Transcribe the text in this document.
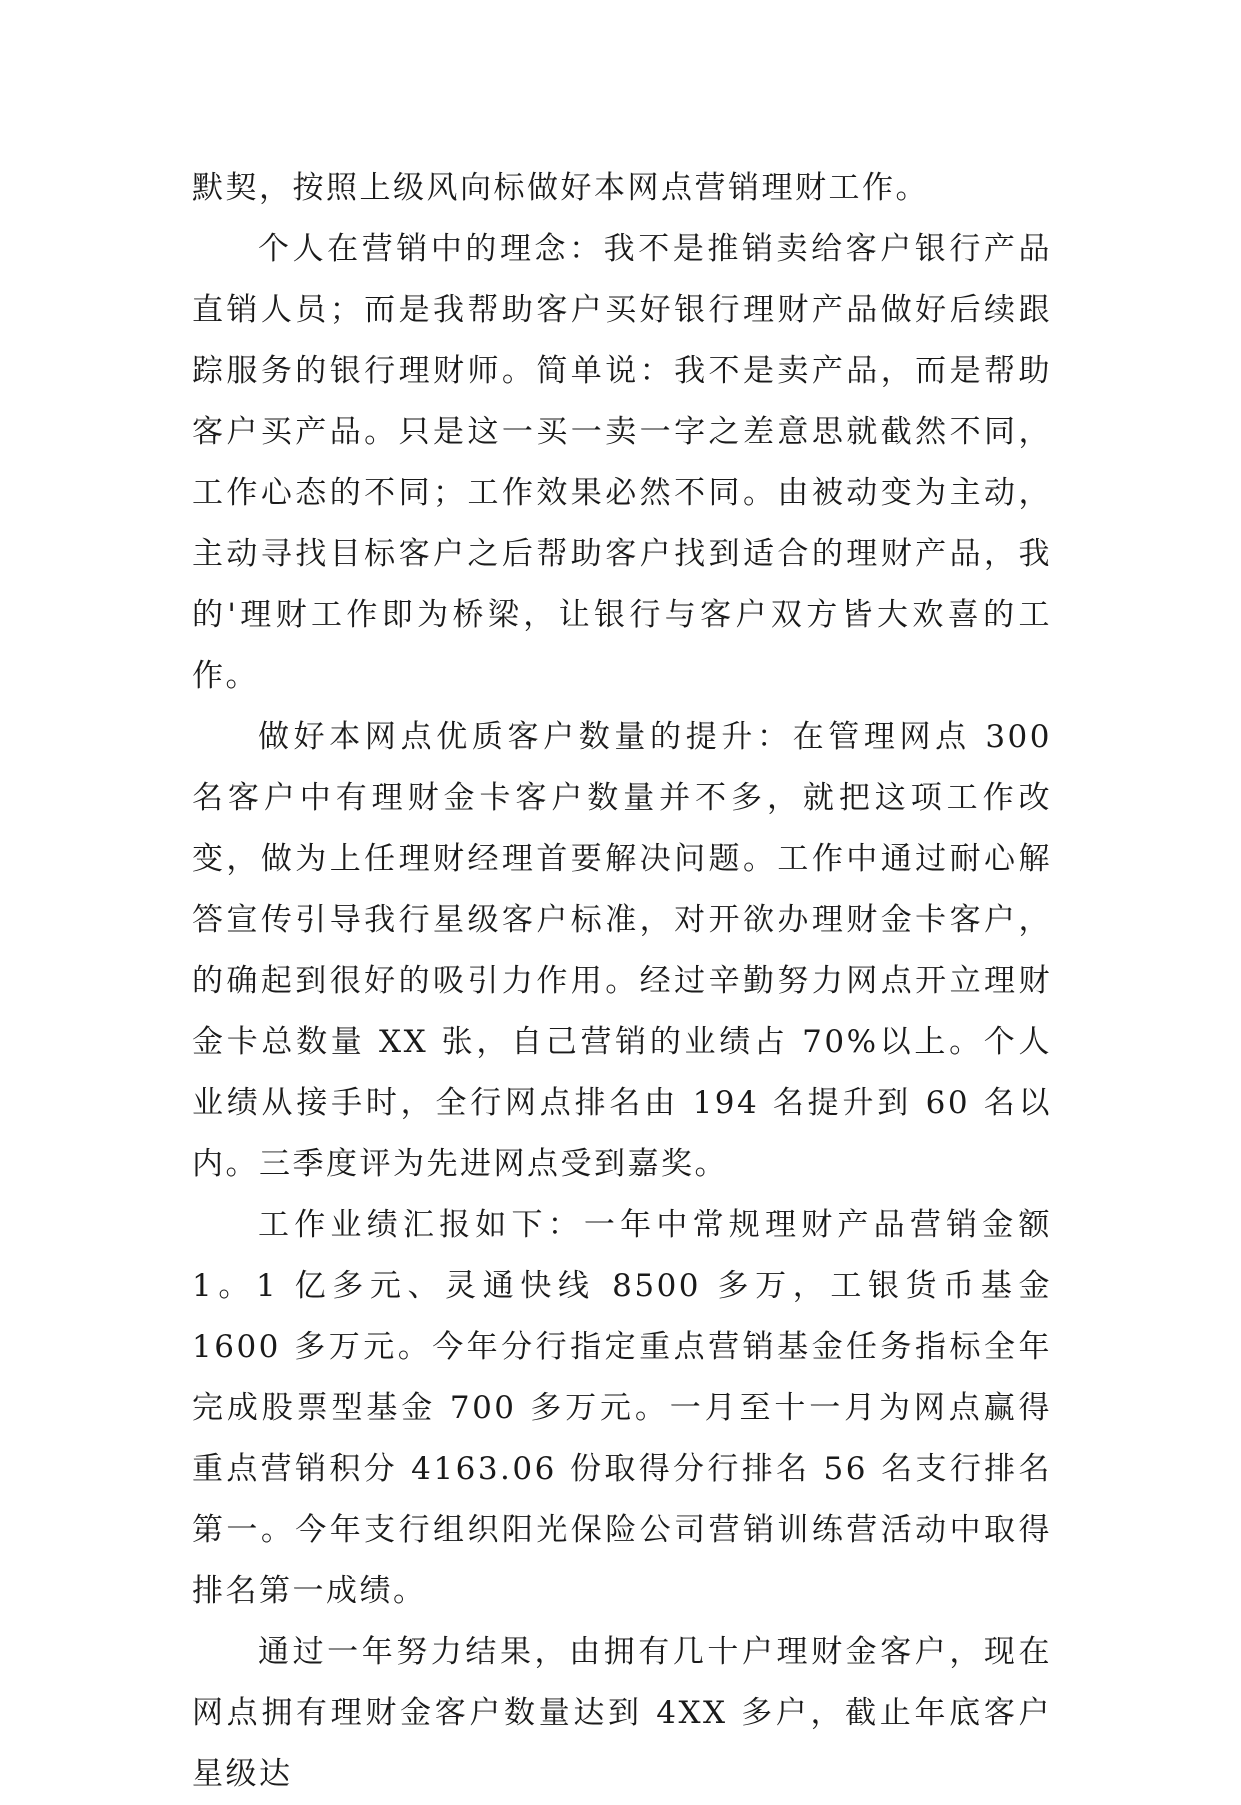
默契，按照上级风向标做好本网点营销理财工作。

个人在营销中的理念：我不是推销卖给客户银行产品直销人员；而是我帮助客户买好银行理财产品做好后续跟踪服务的银行理财师。简单说：我不是卖产品，而是帮助客户买产品。只是这一买一卖一字之差意思就截然不同，工作心态的不同；工作效果必然不同。由被动变为主动，主动寻找目标客户之后帮助客户找到适合的理财产品，我的'理财工作即为桥梁，让银行与客户双方皆大欢喜的工作。

做好本网点优质客户数量的提升：在管理网点 300 名客户中有理财金卡客户数量并不多，就把这项工作改变，做为上任理财经理首要解决问题。工作中通过耐心解答宣传引导我行星级客户标准，对开欲办理财金卡客户，的确起到很好的吸引力作用。经过辛勤努力网点开立理财金卡总数量 XX 张，自己营销的业绩占 70%以上。个人业绩从接手时，全行网点排名由 194 名提升到 60 名以内。三季度评为先进网点受到嘉奖。

工作业绩汇报如下：一年中常规理财产品营销金额 1。1 亿多元、灵通快线 8500 多万，工银货币基金 1600 多万元。今年分行指定重点营销基金任务指标全年完成股票型基金 700 多万元。一月至十一月为网点赢得重点营销积分 4163.06 份取得分行排名 56 名支行排名第一。今年支行组织阳光保险公司营销训练营活动中取得排名第一成绩。

通过一年努力结果，由拥有几十户理财金客户，现在网点拥有理财金客户数量达到 4XX 多户，截止年底客户星级达
